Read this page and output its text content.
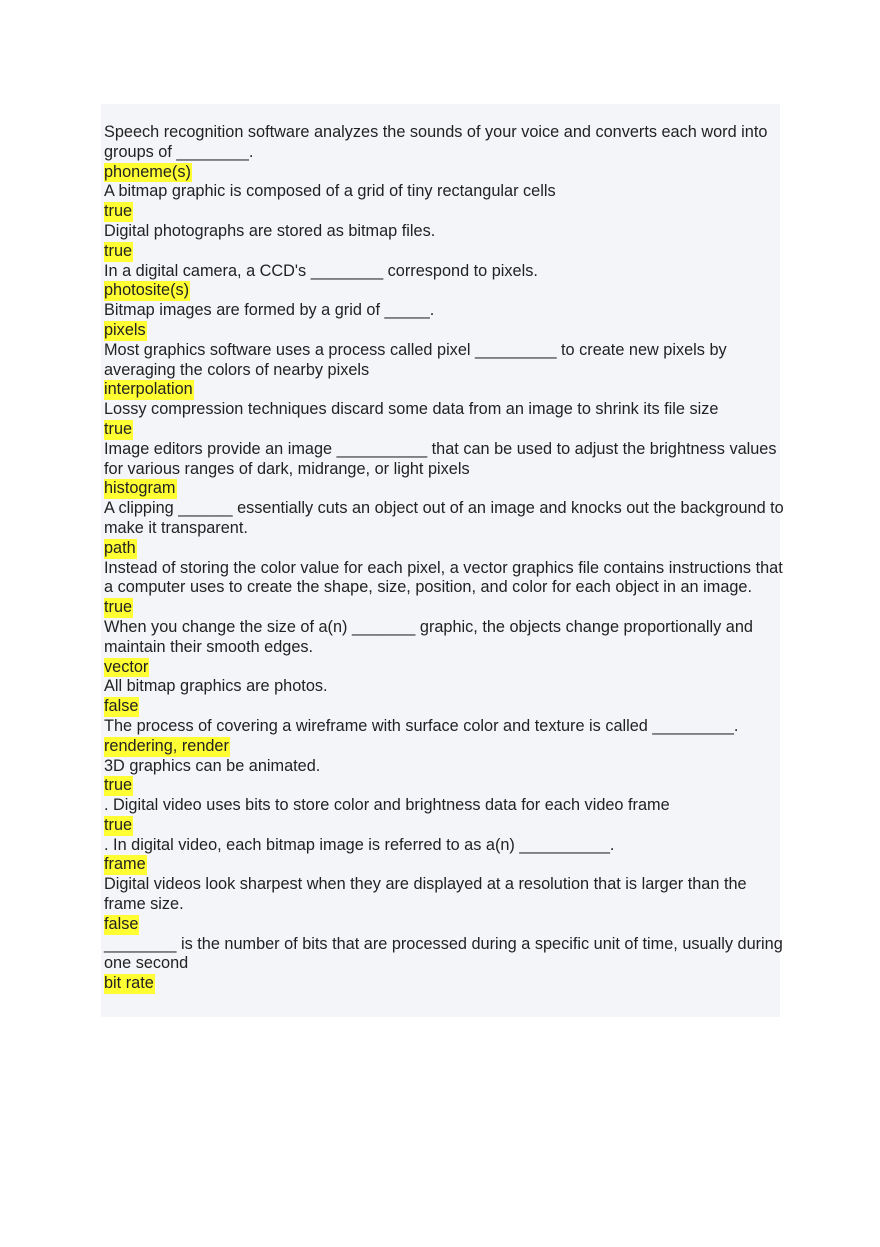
Speech recognition software analyzes the sounds of your voice and converts each word into groups of ________.
phoneme(s)
A bitmap graphic is composed of a grid of tiny rectangular cells
true
Digital photographs are stored as bitmap files.
true
In a digital camera, a CCD's ________ correspond to pixels.
photosite(s)
Bitmap images are formed by a grid of _____.
pixels
Most graphics software uses a process called pixel _________ to create new pixels by averaging the colors of nearby pixels
interpolation
Lossy compression techniques discard some data from an image to shrink its file size
true
Image editors provide an image __________ that can be used to adjust the brightness values for various ranges of dark, midrange, or light pixels
histogram
A clipping ______ essentially cuts an object out of an image and knocks out the background to make it transparent.
path
Instead of storing the color value for each pixel, a vector graphics file contains instructions that a computer uses to create the shape, size, position, and color for each object in an image.
true
When you change the size of a(n) _______ graphic, the objects change proportionally and maintain their smooth edges.
vector
All bitmap graphics are photos.
false
The process of covering a wireframe with surface color and texture is called _________.
rendering, render
3D graphics can be animated.
true
. Digital video uses bits to store color and brightness data for each video frame
true
. In digital video, each bitmap image is referred to as a(n) __________.
frame
Digital videos look sharpest when they are displayed at a resolution that is larger than the frame size.
false
________ is the number of bits that are processed during a specific unit of time, usually during one second
bit rate
